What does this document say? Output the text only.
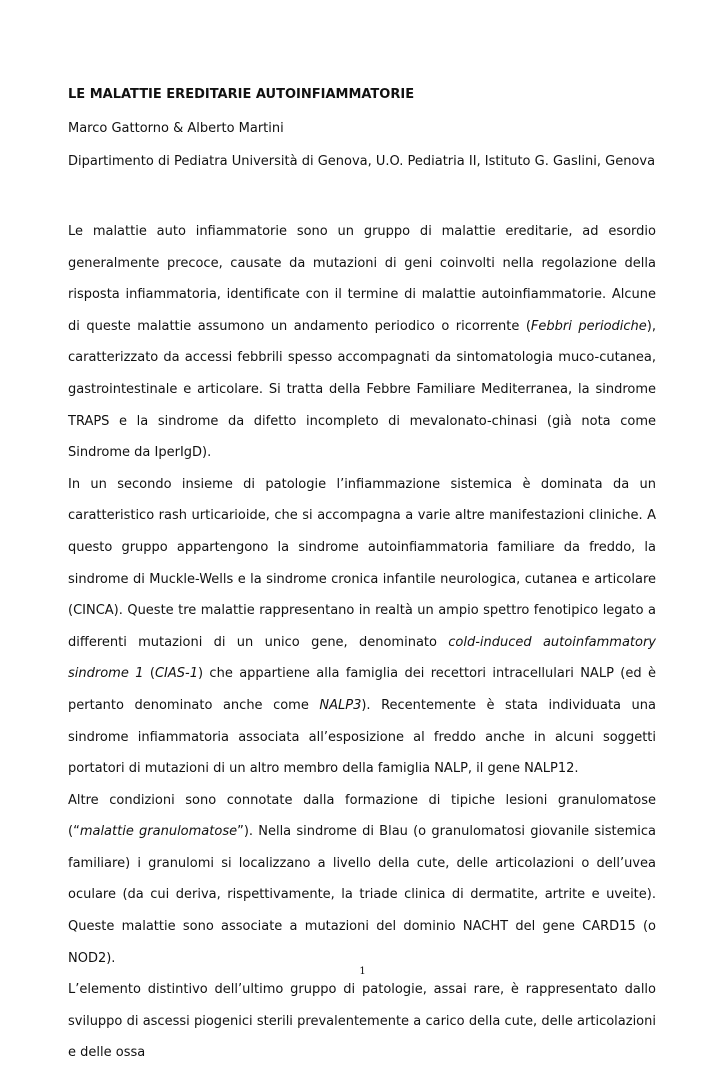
LE MALATTIE EREDITARIE AUTOINFIAMMATORIE
Marco Gattorno & Alberto Martini
Dipartimento di Pediatra Università di Genova, U.O. Pediatria II, Istituto G. Gaslini, Genova

Le malattie auto infiammatorie sono un gruppo di malattie ereditarie, ad esordio generalmente precoce, causate da mutazioni di geni coinvolti nella regolazione della risposta infiammatoria, identificate con il termine di malattie autoinfiammatorie. Alcune di queste malattie assumono un andamento periodico o ricorrente (Febbri periodiche), caratterizzato da accessi febbrili spesso accompagnati da sintomatologia muco-cutanea, gastrointestinale e articolare. Si tratta della Febbre Familiare Mediterranea, la sindrome TRAPS e la sindrome da difetto incompleto di mevalonato-chinasi (già nota come Sindrome da IperIgD).

In un secondo insieme di patologie l’infiammazione sistemica è dominata da un caratteristico rash urticarioide, che si accompagna a varie altre manifestazioni cliniche. A questo gruppo appartengono la sindrome autoinfiammatoria familiare da freddo, la sindrome di Muckle-Wells e la sindrome cronica infantile neurologica, cutanea e articolare (CINCA). Queste tre malattie rappresentano in realtà un ampio spettro fenotipico legato a differenti mutazioni di un unico gene, denominato cold-induced autoinfammatory sindrome 1 (CIAS-1) che appartiene alla famiglia dei recettori intracellulari NALP (ed è pertanto denominato anche come NALP3). Recentemente è stata individuata una sindrome infiammatoria associata all’esposizione al freddo anche in alcuni soggetti portatori di mutazioni di un altro membro della famiglia NALP, il gene NALP12.

Altre condizioni sono connotate dalla formazione di tipiche lesioni granulomatose (“malattie granulomatose”). Nella sindrome di Blau (o granulomatosi giovanile sistemica familiare) i granulomi si localizzano a livello della cute, delle articolazioni o dell’uvea oculare (da cui deriva, rispettivamente, la triade clinica di dermatite, artrite e uveite). Queste malattie sono associate a mutazioni del dominio NACHT del gene CARD15 (o NOD2).

L’elemento distintivo dell’ultimo gruppo di patologie, assai rare, è rappresentato dallo sviluppo di ascessi piogenici sterili prevalentemente a carico della cute, delle articolazioni e delle ossa

1
